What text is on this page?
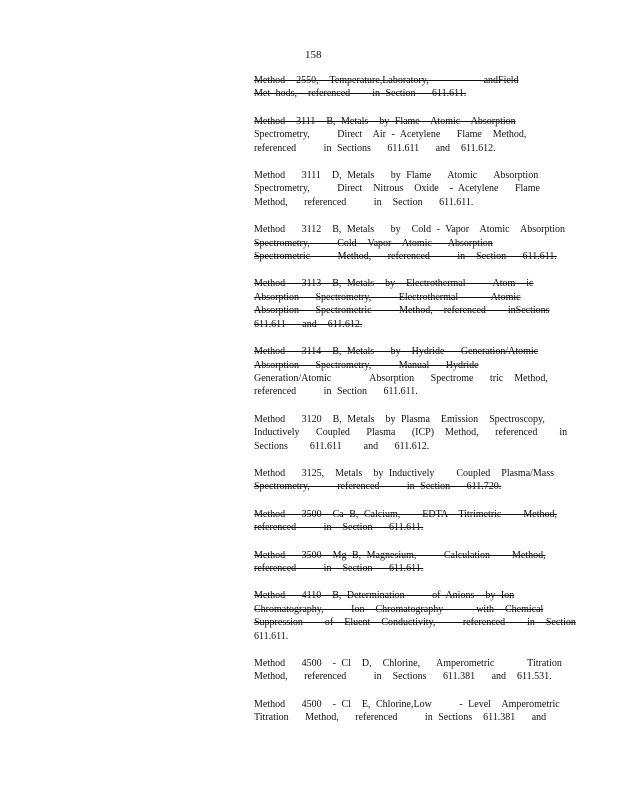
158
Method  2550,  Temperature,Laboratory,          andField
Met hods,  referenced    in Section   611.611.
Method  3111  B, Metals  by Flame  Atomic  Absorption
Spectrometry,     Direct  Air - Acetylene   Flame  Method,
referenced     in Sections   611.611   and  611.612.
Method   3111  D, Metals   by Flame   Atomic   Absorption
Spectrometry,     Direct  Nitrous  Oxide  - Acetylene   Flame
Method,   referenced     in  Section   611.611.
Method   3112  B, Metals   by  Cold - Vapor  Atomic  Absorption
Spectrometry,     Cold  Vapor  Atomic   Absorption
Spectrometric     Method,   referenced     in  Section   611.611.
Method   3113  B, Metals  by  Electrothermal     Atom  ic
Absorption   Spectrometry,     Electrothermal      Atomic
Absorption   Spectrometric     Method,  referenced    inSections
611.611   and  611.612.
Method   3114  B, Metals   by  Hydride   Generation/Atomic
Absorption   Spectrometry,     Manual   Hydride
Generation/Atomic       Absorption   Spectrome   tric  Method,
referenced     in Section   611.611.
Method   3120  B, Metals  by Plasma  Emission  Spectroscopy,
Inductively   Coupled   Plasma   (ICP)  Method,   referenced    in
Sections    611.611    and   611.612.
Method   3125,  Metals  by Inductively    Coupled  Plasma/Mass
Spectrometry,     referenced     in Section   611.720.
Method   3500  Ca B, Calcium,    EDTA  Titrimetric    Method,
referenced     in  Section   611.611.
Method   3500  Mg B, Magnesium,     Calculation    Method,
referenced     in  Section   611.611.
Method   4110  B, Determination     of Anions  by Ion
Chromatography,     Ion  Chromatography      with  Chemical
Suppression    of  Eluent  Conductivity,     referenced    in  Section
611.611.
Method   4500  - Cl  D,  Chlorine,   Amperometric      Titration
Method,   referenced     in  Sections   611.381   and  611.531.
Method   4500  - Cl  E, Chlorine,Low     - Level  Amperometric
Titration   Method,   referenced     in Sections  611.381   and
